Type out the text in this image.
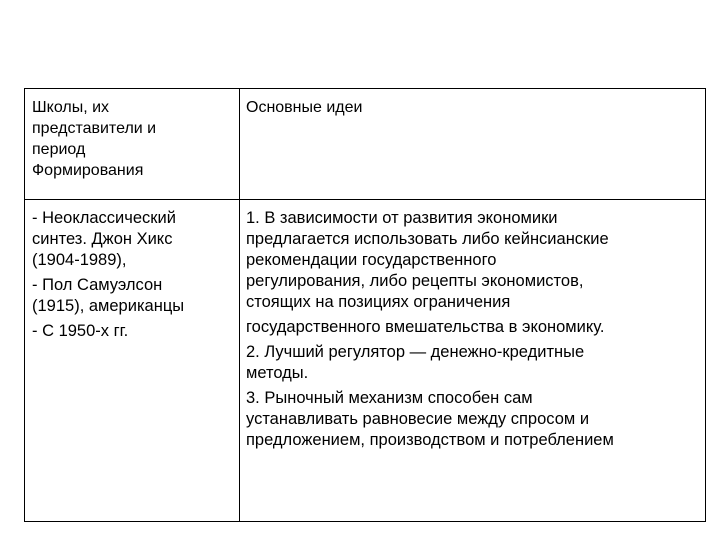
Школы, их
представители и
период
Формирования
Основные идеи

- Неоклассический
синтез. Джон Хикс
(1904-1989),

- Пол Самуэлсон
(1915), американцы

- С 1950-х гг.

1. В зависимости от развития экономики
предлагается использовать либо кейнсианские
рекомендации государственного
регулирования, либо рецепты экономистов,
стоящих на позициях ограничения

государственного вмешательства в экономику.

2. Лучший регулятор — денежно-кредитные
методы.

3. Рыночный механизм способен сам
устанавливать равновесие между спросом и
предложением, производством и потреблением
